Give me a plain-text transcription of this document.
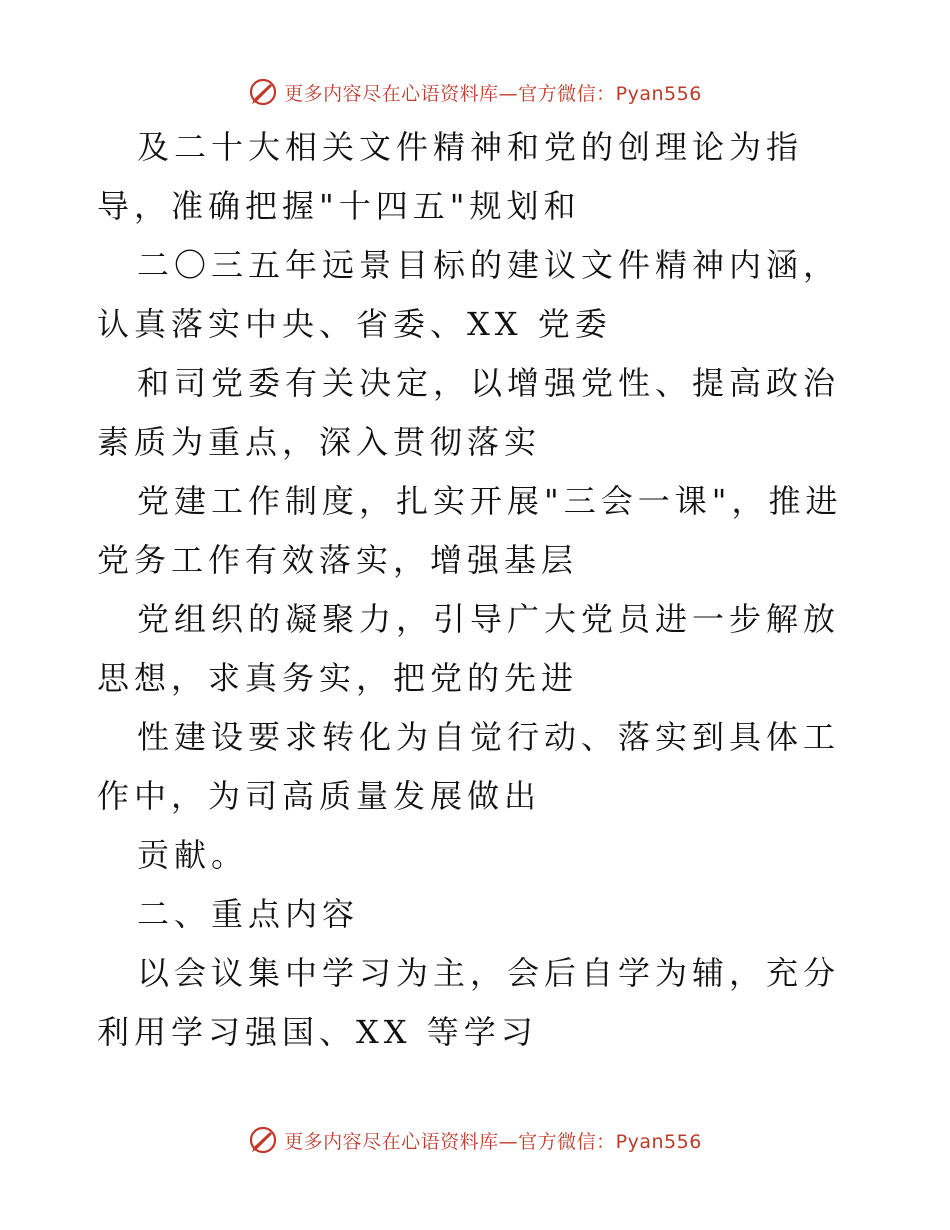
更多内容尽在心语资料库—官方微信：Pyan556

及二十大相关文件精神和党的创理论为指导，准确把握"十四五"规划和

二〇三五年远景目标的建议文件精神内涵，认真落实中央、省委、XX 党委

和司党委有关决定，以增强党性、提高政治素质为重点，深入贯彻落实

党建工作制度，扎实开展"三会一课"，推进党务工作有效落实，增强基层

党组织的凝聚力，引导广大党员进一步解放思想，求真务实，把党的先进

性建设要求转化为自觉行动、落实到具体工作中，为司高质量发展做出

贡献。

二、重点内容

以会议集中学习为主，会后自学为辅，充分利用学习强国、XX 等学习

更多内容尽在心语资料库—官方微信：Pyan556
